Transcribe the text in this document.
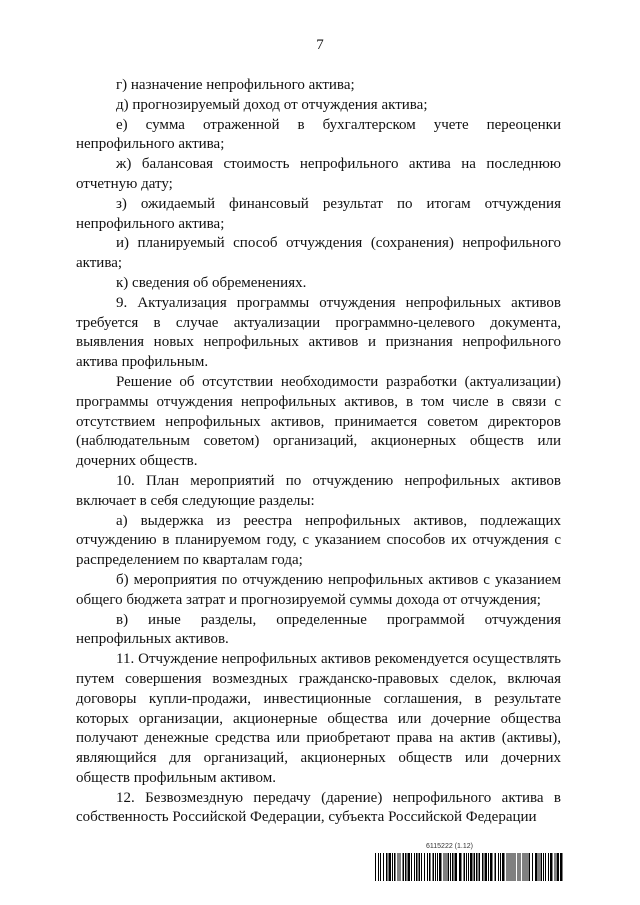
7

г) назначение непрофильного актива;

д) прогнозируемый доход от отчуждения актива;

е) сумма отраженной в бухгалтерском учете переоценки непрофильного актива;

ж) балансовая стоимость непрофильного актива на последнюю отчетную дату;

з) ожидаемый финансовый результат по итогам отчуждения непрофильного актива;

и) планируемый способ отчуждения (сохранения) непрофильного актива;

к) сведения об обременениях.

9. Актуализация программы отчуждения непрофильных активов требуется в случае актуализации программно-целевого документа, выявления новых непрофильных активов и признания непрофильного актива профильным.

Решение об отсутствии необходимости разработки (актуализации) программы отчуждения непрофильных активов, в том числе в связи с отсутствием непрофильных активов, принимается советом директоров (наблюдательным советом) организаций, акционерных обществ или дочерних обществ.

10. План мероприятий по отчуждению непрофильных активов включает в себя следующие разделы:

а) выдержка из реестра непрофильных активов, подлежащих отчуждению в планируемом году, с указанием способов их отчуждения с распределением по кварталам года;

б) мероприятия по отчуждению непрофильных активов с указанием общего бюджета затрат и прогнозируемой суммы дохода от отчуждения;

в) иные разделы, определенные программой отчуждения непрофильных активов.

11. Отчуждение непрофильных активов рекомендуется осуществлять путем совершения возмездных гражданско-правовых сделок, включая договоры купли-продажи, инвестиционные соглашения, в результате которых организации, акционерные общества или дочерние общества получают денежные средства или приобретают права на актив (активы), являющийся для организаций, акционерных обществ или дочерних обществ профильным активом.

12. Безвозмездную передачу (дарение) непрофильного актива в собственность Российской Федерации, субъекта Российской Федерации

6115222 (1.12)
